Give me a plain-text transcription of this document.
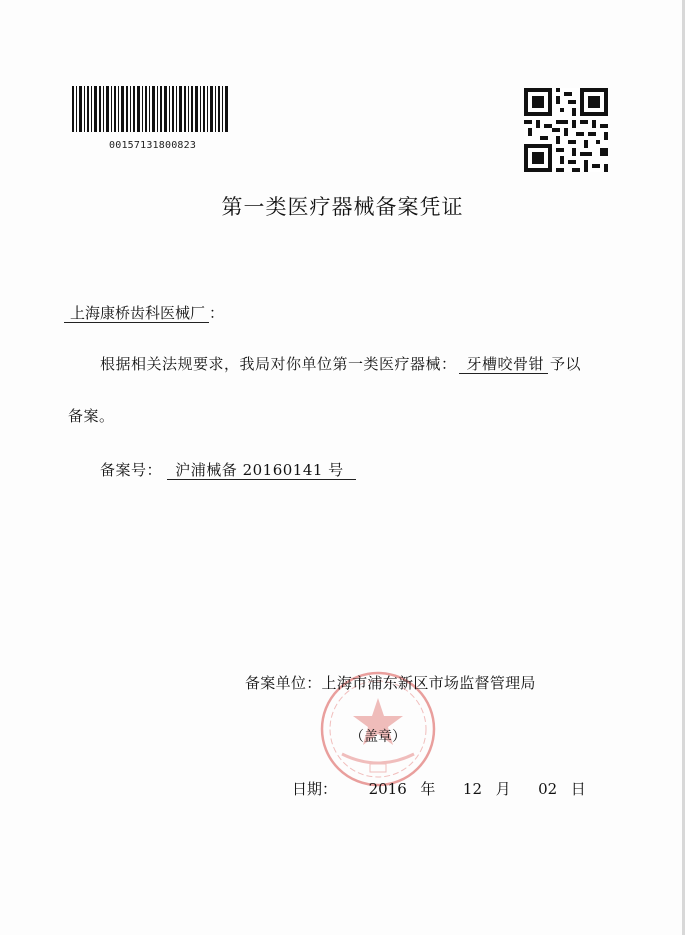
00157131800823
第一类医疗器械备案凭证
上海康桥齿科医械厂 ：
根据相关法规要求，我局对你单位第一类医疗器械： 牙槽咬骨钳 予以
备案。
备案号： 沪浦械备 20160141 号
备案单位：上海市浦东新区市场监督管理局
（盖章）
日期： 2016 年 12 月 02 日
